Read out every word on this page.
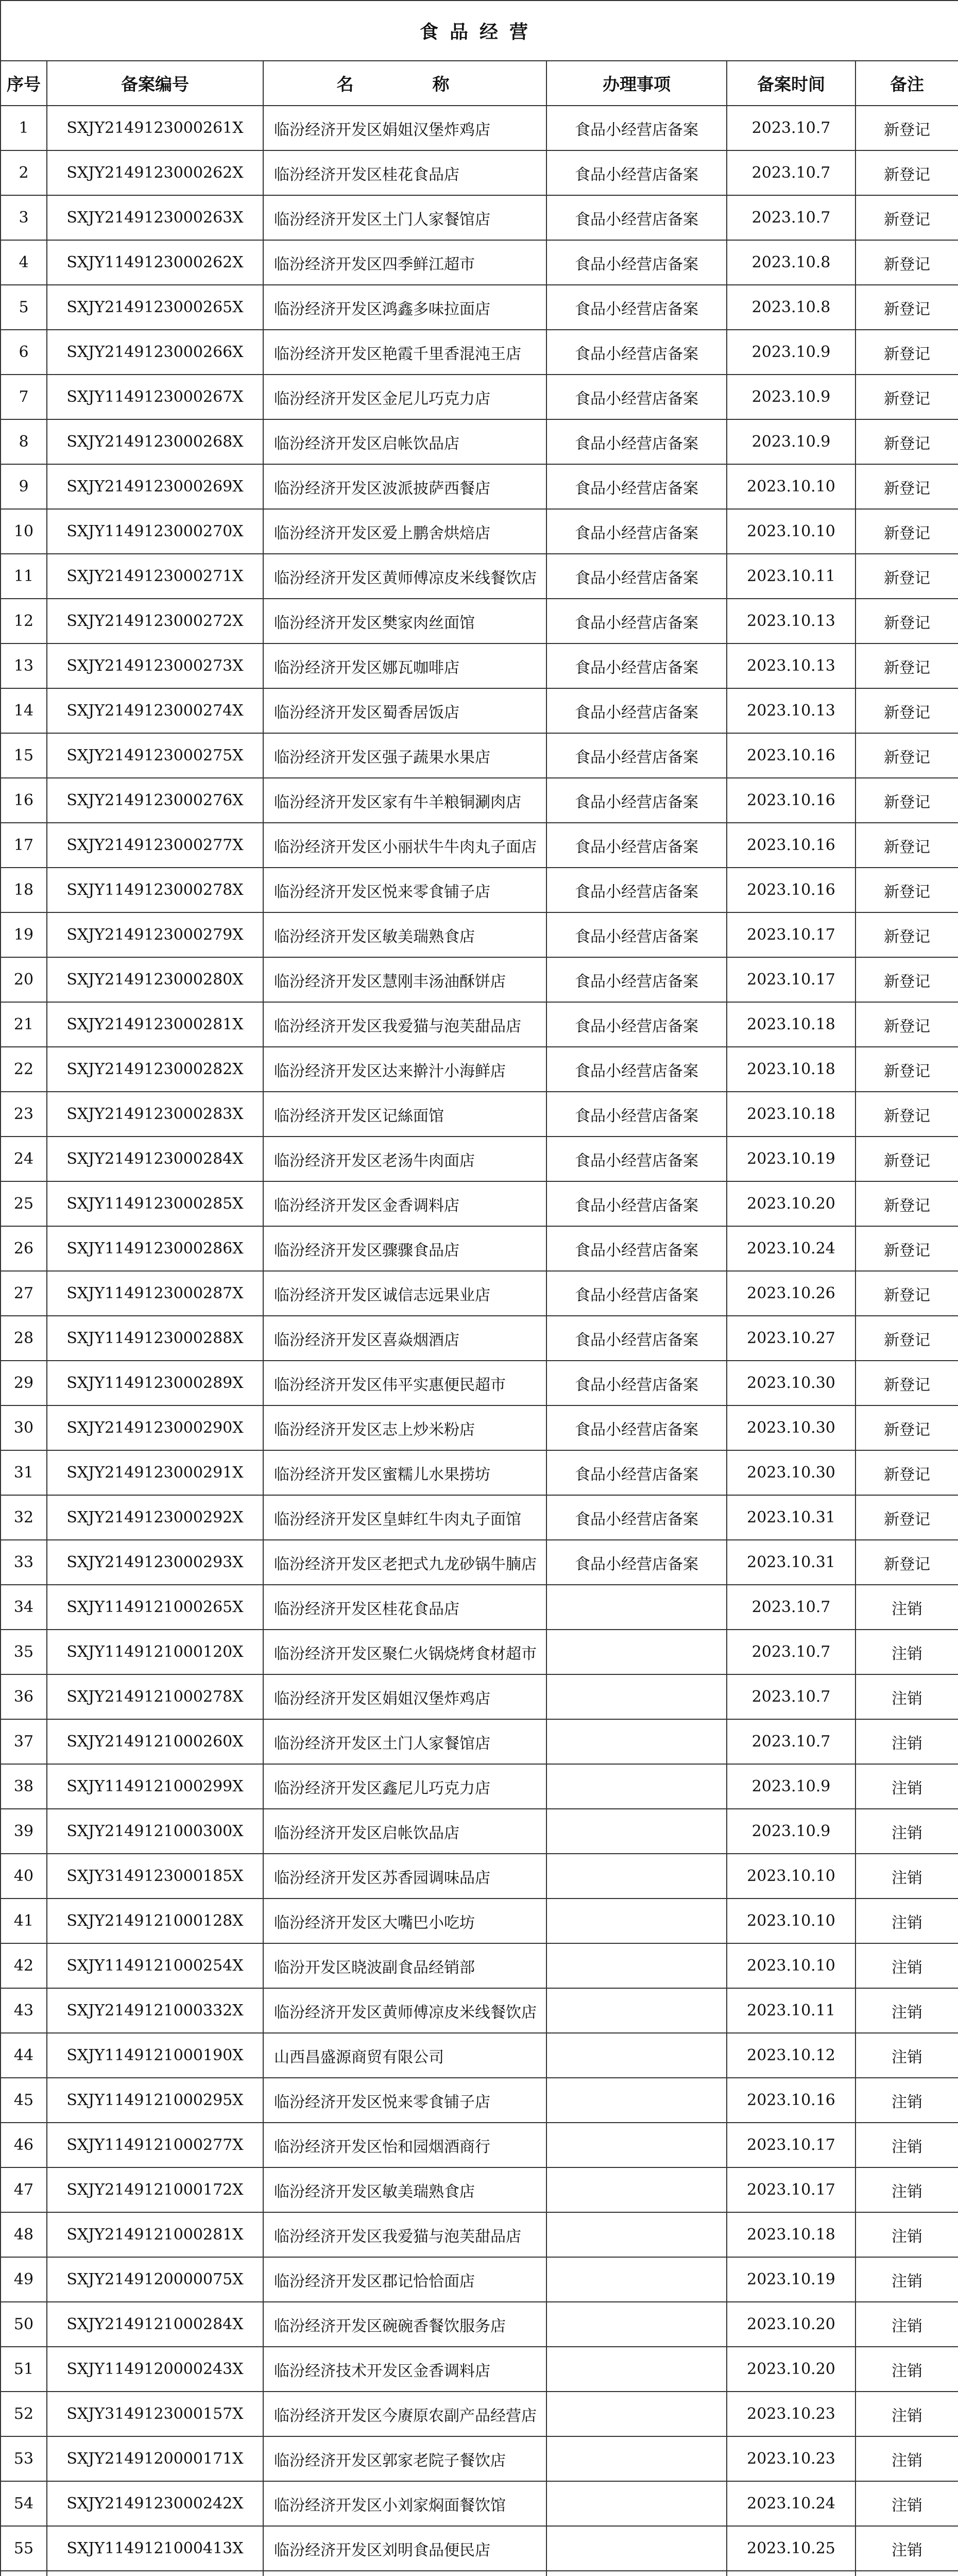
食品经营					
序号	备案编号	名　称	办理事项	备案时间	备注
1	SXJY2149123000261X	临汾经济开发区娟姐汉堡炸鸡店	食品小经营店备案	2023.10.7	新登记
2	SXJY2149123000262X	临汾经济开发区桂花食品店	食品小经营店备案	2023.10.7	新登记
3	SXJY2149123000263X	临汾经济开发区土门人家餐馆店	食品小经营店备案	2023.10.7	新登记
4	SXJY1149123000262X	临汾经济开发区四季鲜江超市	食品小经营店备案	2023.10.8	新登记
5	SXJY2149123000265X	临汾经济开发区鸿鑫多味拉面店	食品小经营店备案	2023.10.8	新登记
6	SXJY2149123000266X	临汾经济开发区艳霞千里香混沌王店	食品小经营店备案	2023.10.9	新登记
7	SXJY1149123000267X	临汾经济开发区金尼儿巧克力店	食品小经营店备案	2023.10.9	新登记
8	SXJY2149123000268X	临汾经济开发区启帐饮品店	食品小经营店备案	2023.10.9	新登记
9	SXJY2149123000269X	临汾经济开发区波派披萨西餐店	食品小经营店备案	2023.10.10	新登记
10	SXJY1149123000270X	临汾经济开发区爱上鹏舍烘焙店	食品小经营店备案	2023.10.10	新登记
11	SXJY2149123000271X	临汾经济开发区黄师傅凉皮米线餐饮店	食品小经营店备案	2023.10.11	新登记
12	SXJY2149123000272X	临汾经济开发区樊家肉丝面馆	食品小经营店备案	2023.10.13	新登记
13	SXJY2149123000273X	临汾经济开发区娜瓦咖啡店	食品小经营店备案	2023.10.13	新登记
14	SXJY2149123000274X	临汾经济开发区蜀香居饭店	食品小经营店备案	2023.10.13	新登记
15	SXJY2149123000275X	临汾经济开发区强子蔬果水果店	食品小经营店备案	2023.10.16	新登记
16	SXJY2149123000276X	临汾经济开发区家有牛羊粮铜涮肉店	食品小经营店备案	2023.10.16	新登记
17	SXJY2149123000277X	临汾经济开发区小丽状牛牛肉丸子面店	食品小经营店备案	2023.10.16	新登记
18	SXJY1149123000278X	临汾经济开发区悦来零食铺子店	食品小经营店备案	2023.10.16	新登记
19	SXJY2149123000279X	临汾经济开发区敏美瑞熟食店	食品小经营店备案	2023.10.17	新登记
20	SXJY2149123000280X	临汾经济开发区慧刚丰汤油酥饼店	食品小经营店备案	2023.10.17	新登记
21	SXJY2149123000281X	临汾经济开发区我爱猫与泡芙甜品店	食品小经营店备案	2023.10.18	新登记
22	SXJY2149123000282X	临汾经济开发区达来擀汁小海鲜店	食品小经营店备案	2023.10.18	新登记
23	SXJY2149123000283X	临汾经济开发区记絲面馆	食品小经营店备案	2023.10.18	新登记
24	SXJY2149123000284X	临汾经济开发区老汤牛肉面店	食品小经营店备案	2023.10.19	新登记
25	SXJY1149123000285X	临汾经济开发区金香调料店	食品小经营店备案	2023.10.20	新登记
26	SXJY1149123000286X	临汾经济开发区骤骤食品店	食品小经营店备案	2023.10.24	新登记
27	SXJY1149123000287X	临汾经济开发区诚信志远果业店	食品小经营店备案	2023.10.26	新登记
28	SXJY1149123000288X	临汾经济开发区喜焱烟酒店	食品小经营店备案	2023.10.27	新登记
29	SXJY1149123000289X	临汾经济开发区伟平实惠便民超市	食品小经营店备案	2023.10.30	新登记
30	SXJY2149123000290X	临汾经济开发区志上炒米粉店	食品小经营店备案	2023.10.30	新登记
31	SXJY2149123000291X	临汾经济开发区蜜糯儿水果捞坊	食品小经营店备案	2023.10.30	新登记
32	SXJY2149123000292X	临汾经济开发区皇蚌红牛肉丸子面馆	食品小经营店备案	2023.10.31	新登记
33	SXJY2149123000293X	临汾经济开发区老把式九龙砂锅牛腩店	食品小经营店备案	2023.10.31	新登记
34	SXJY1149121000265X	临汾经济开发区桂花食品店		2023.10.7	注销
35	SXJY1149121000120X	临汾经济开发区聚仁火锅烧烤食材超市		2023.10.7	注销
36	SXJY2149121000278X	临汾经济开发区娟姐汉堡炸鸡店		2023.10.7	注销
37	SXJY2149121000260X	临汾经济开发区土门人家餐馆店		2023.10.7	注销
38	SXJY1149121000299X	临汾经济开发区鑫尼儿巧克力店		2023.10.9	注销
39	SXJY2149121000300X	临汾经济开发区启帐饮品店		2023.10.9	注销
40	SXJY3149123000185X	临汾经济开发区苏香园调味品店		2023.10.10	注销
41	SXJY2149121000128X	临汾经济开发区大嘴巴小吃坊		2023.10.10	注销
42	SXJY1149121000254X	临汾开发区晓波副食品经销部		2023.10.10	注销
43	SXJY2149121000332X	临汾经济开发区黄师傅凉皮米线餐饮店		2023.10.11	注销
44	SXJY1149121000190X	山西昌盛源商贸有限公司		2023.10.12	注销
45	SXJY1149121000295X	临汾经济开发区悦来零食铺子店		2023.10.16	注销
46	SXJY1149121000277X	临汾经济开发区怡和园烟酒商行		2023.10.17	注销
47	SXJY2149121000172X	临汾经济开发区敏美瑞熟食店		2023.10.17	注销
48	SXJY2149121000281X	临汾经济开发区我爱猫与泡芙甜品店		2023.10.18	注销
49	SXJY2149120000075X	临汾经济开发区郡记恰恰面店		2023.10.19	注销
50	SXJY2149121000284X	临汾经济开发区碗碗香餐饮服务店		2023.10.20	注销
51	SXJY1149120000243X	临汾经济技术开发区金香调料店		2023.10.20	注销
52	SXJY3149123000157X	临汾经济开发区今赓原农副产品经营店		2023.10.23	注销
53	SXJY2149120000171X	临汾经济开发区郭家老院子餐饮店		2023.10.23	注销
54	SXJY2149123000242X	临汾经济开发区小刘家焖面餐饮馆		2023.10.24	注销
55	SXJY1149121000413X	临汾经济开发区刘明食品便民店		2023.10.25	注销
